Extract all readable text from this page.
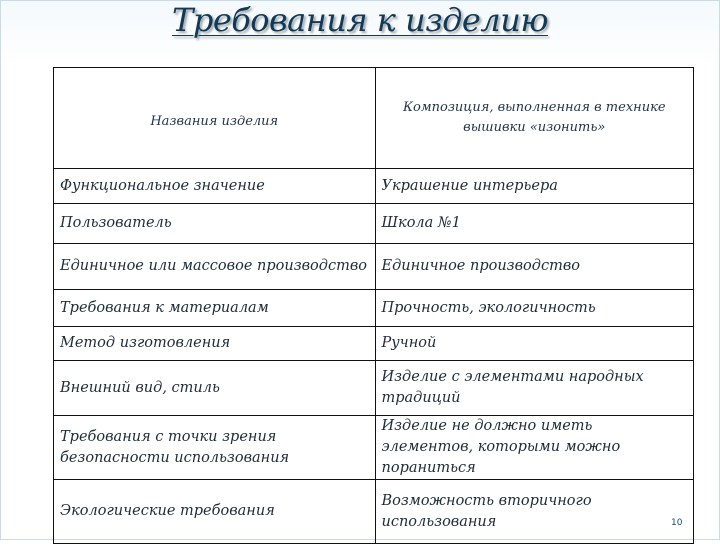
Требования к изделию
Названия изделия	Композиция, выполненная в технике вышивки «изонить»
Функциональное значение	Украшение интерьера
Пользователь	Школа №1
Единичное или массовое производство	Единичное производство
Требования к материалам	Прочность, экологичность
Метод изготовления	Ручной
Внешний вид, стиль	Изделие с элементами народных традиций
Требования с точки зрения безопасности использования	Изделие не должно иметь элементов, которыми можно пораниться
Экологические требования	Возможность вторичного использования	10
